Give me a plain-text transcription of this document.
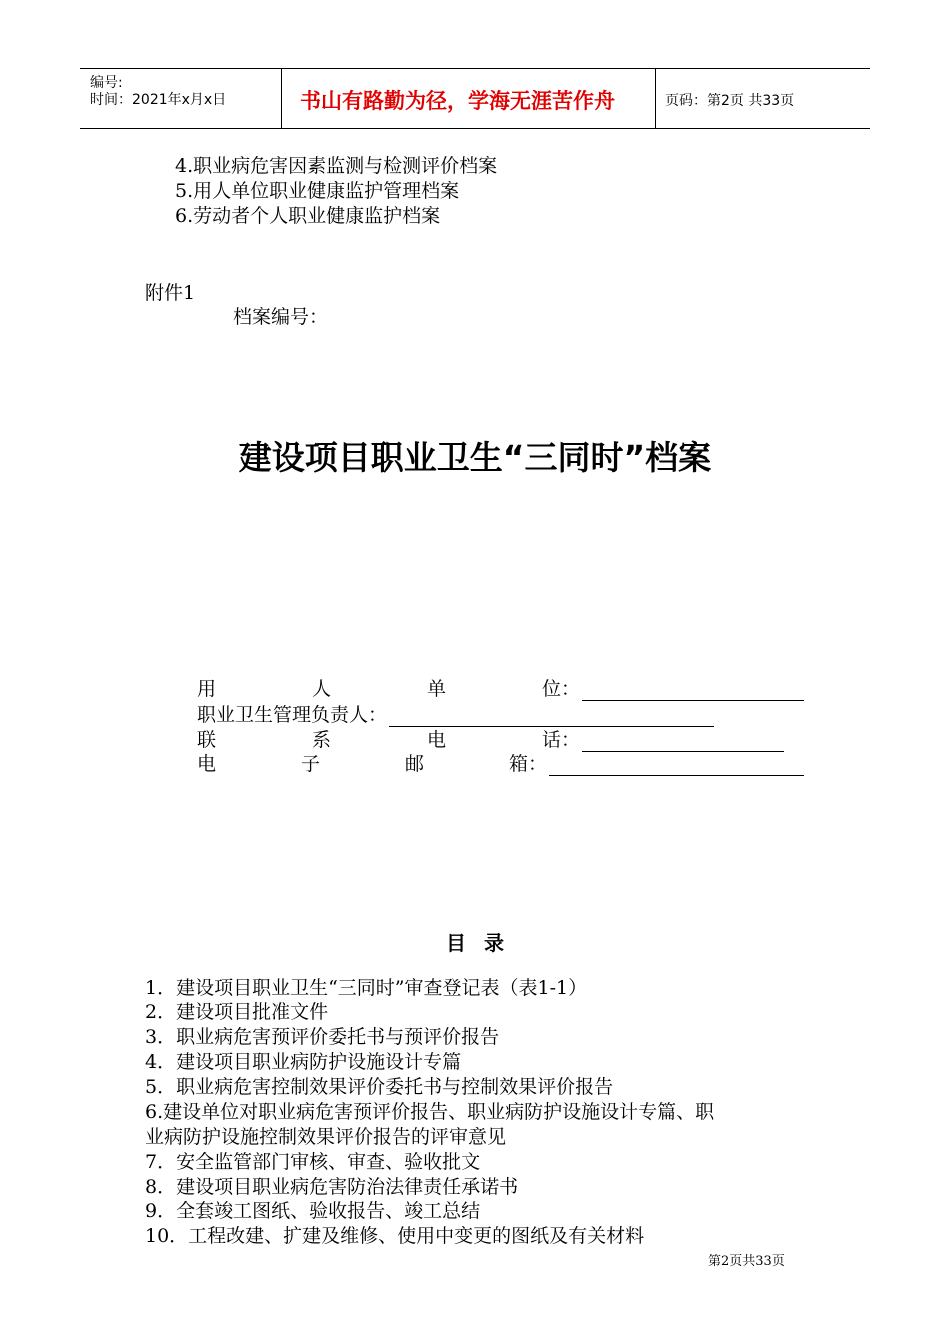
编号:
时间：2021年x月x日	书山有路勤为径，学海无涯苦作舟	页码：第2页 共33页
4.职业病危害因素监测与检测评价档案
5.用人单位职业健康监护管理档案
6.劳动者个人职业健康监护档案
附件1
档案编号：
建设项目职业卫生“三同时”档案
用	人	单	位：
职业卫生管理负责人：
联	系	电	话：
电	子	邮	箱：
目录
1．建设项目职业卫生“三同时”审查登记表（表1-1）
2．建设项目批准文件
3．职业病危害预评价委托书与预评价报告
4．建设项目职业病防护设施设计专篇
5．职业病危害控制效果评价委托书与控制效果评价报告
6.建设单位对职业病危害预评价报告、职业病防护设施设计专篇、职
业病防护设施控制效果评价报告的评审意见
7．安全监管部门审核、审查、验收批文
8．建设项目职业病危害防治法律责任承诺书
9．全套竣工图纸、验收报告、竣工总结
10．工程改建、扩建及维修、使用中变更的图纸及有关材料
第2页共33页
